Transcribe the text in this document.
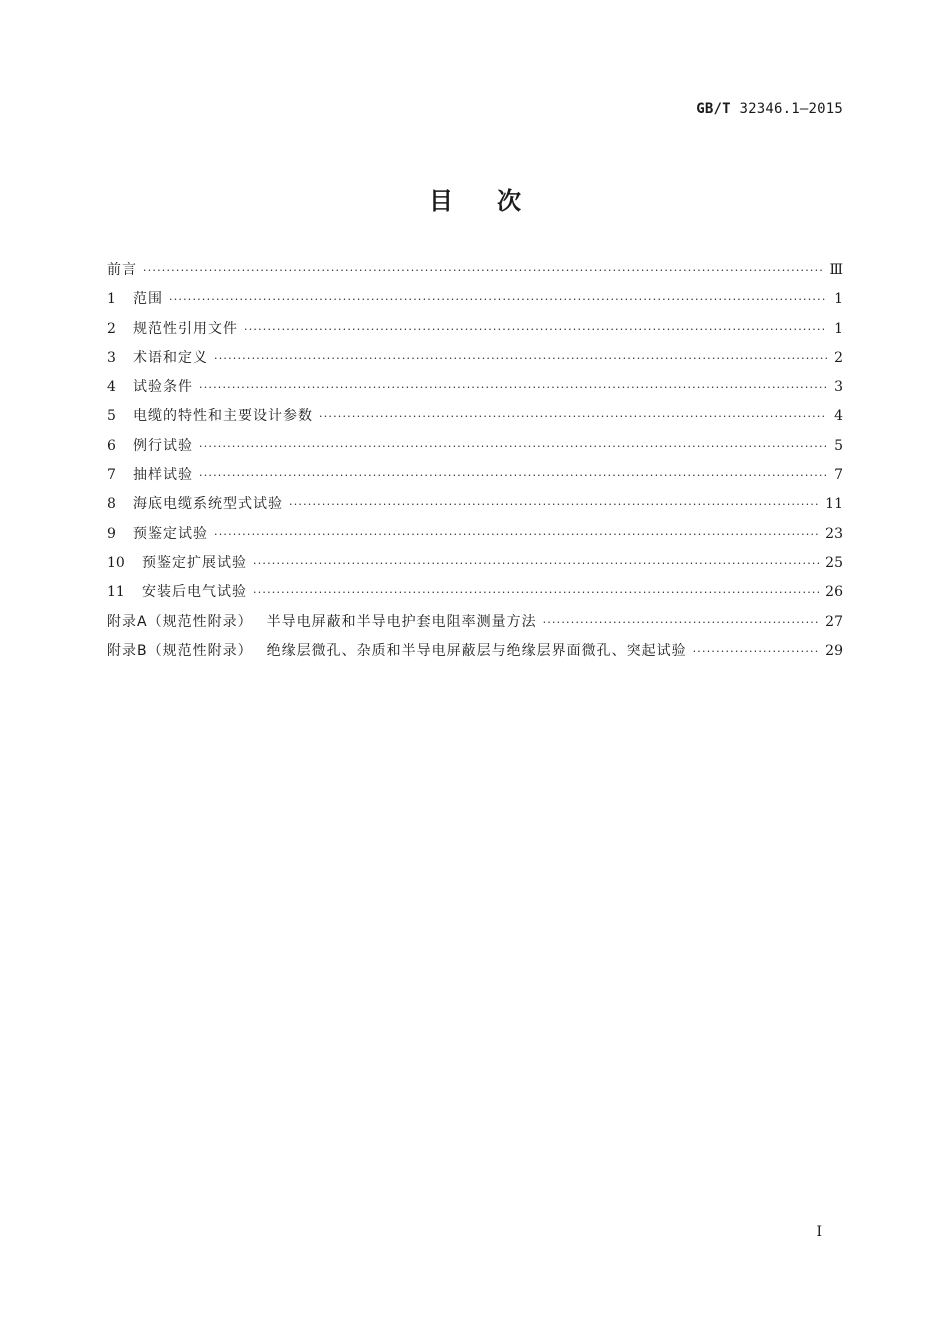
GB/T 32346.1—2015
目次
前言 ·····	Ⅲ
1	范围 ·····	1
2	规范性引用文件 ·····	1
3	术语和定义 ·····	2
4	试验条件 ·····	3
5	电缆的特性和主要设计参数 ·····	4
6	例行试验 ·····	5
7	抽样试验 ·····	7
8	海底电缆系统型式试验 ·····	11
9	预鉴定试验 ·····	23
10	预鉴定扩展试验 ·····	25
11	安装后电气试验 ·····	26
附录A（规范性附录） 半导电屏蔽和半导电护套电阻率测量方法 ·····	27
附录B（规范性附录） 绝缘层微孔、杂质和半导电屏蔽层与绝缘层界面微孔、突起试验 ·····	29
Ⅰ
